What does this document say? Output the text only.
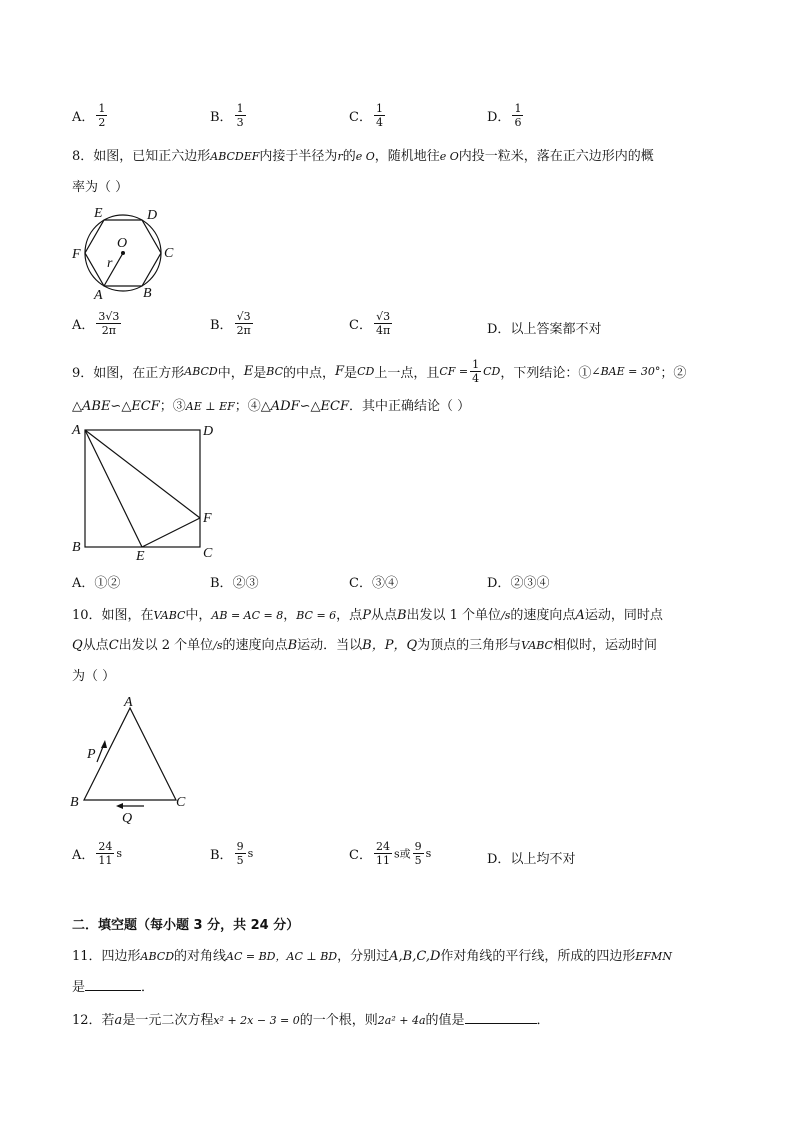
A． $\frac{1}{2}$	B． $\frac{1}{3}$	C． $\frac{1}{4}$	D． $\frac{1}{6}$
8．如图，已知正六边形ABCDEF内接于半径为r的e O，随机地往e O内投一粒米，落在正六边形内的概
率为（ ）
E	D
F
O
C
r
A	B
A． $\frac{3√3}{2\pi}$	B． $\frac{√3}{2\pi}$	C． $\frac{√3}{4\pi}$	D．以上答案都不对
9．如图，在正方形ABCD中，E是BC的中点，F是CD上一点，且CF = $\frac{1}{4}$ CD，下列结论：①∠BAE = 30°；②
△ABE∽△ECF；③AE ⊥ EF；④△ADF∽△ECF．其中正确结论（ ）
A	D
F
B
E	C
A．①②	B．②③	C．③④	D．②③④
10．如图，在VABC中，AB = AC = 8，BC = 6，点P从点B出发以 1 个单位/s的速度向点A运动，同时点
Q从点C出发以 2 个单位/s的速度向点B运动．当以B，P，Q为顶点的三角形与VABC相似时，运动时间
为（ ）
A
P
B	C
Q
A． $\frac{24}{11}$ s	B． $\frac{9}{5}$ s	C． $\frac{24}{11}$ s或 $\frac{9}{5}$ s	D．以上均不对
二．填空题（每小题 3 分，共 24 分）
11．四边形ABCD的对角线AC = BD，AC ⊥ BD，分别过A,B,C,D作对角线的平行线，所成的四边形EFMN
是	．
12．若a是一元二次方程x² + 2x − 3 = 0的一个根，则2a² + 4a的值是	．
